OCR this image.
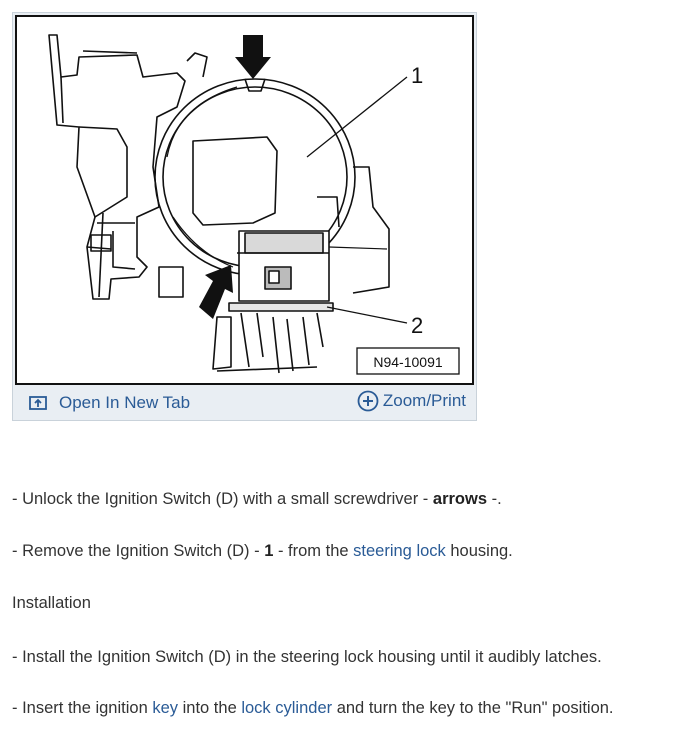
1
2
N94-10091
Open In New Tab	Zoom/Print
- Unlock the Ignition Switch (D) with a small screwdriver - arrows -.
- Remove the Ignition Switch (D) - 1 - from the steering lock housing.
Installation
- Install the Ignition Switch (D) in the steering lock housing until it audibly latches.
- Insert the ignition key into the lock cylinder and turn the key to the "Run" position.
